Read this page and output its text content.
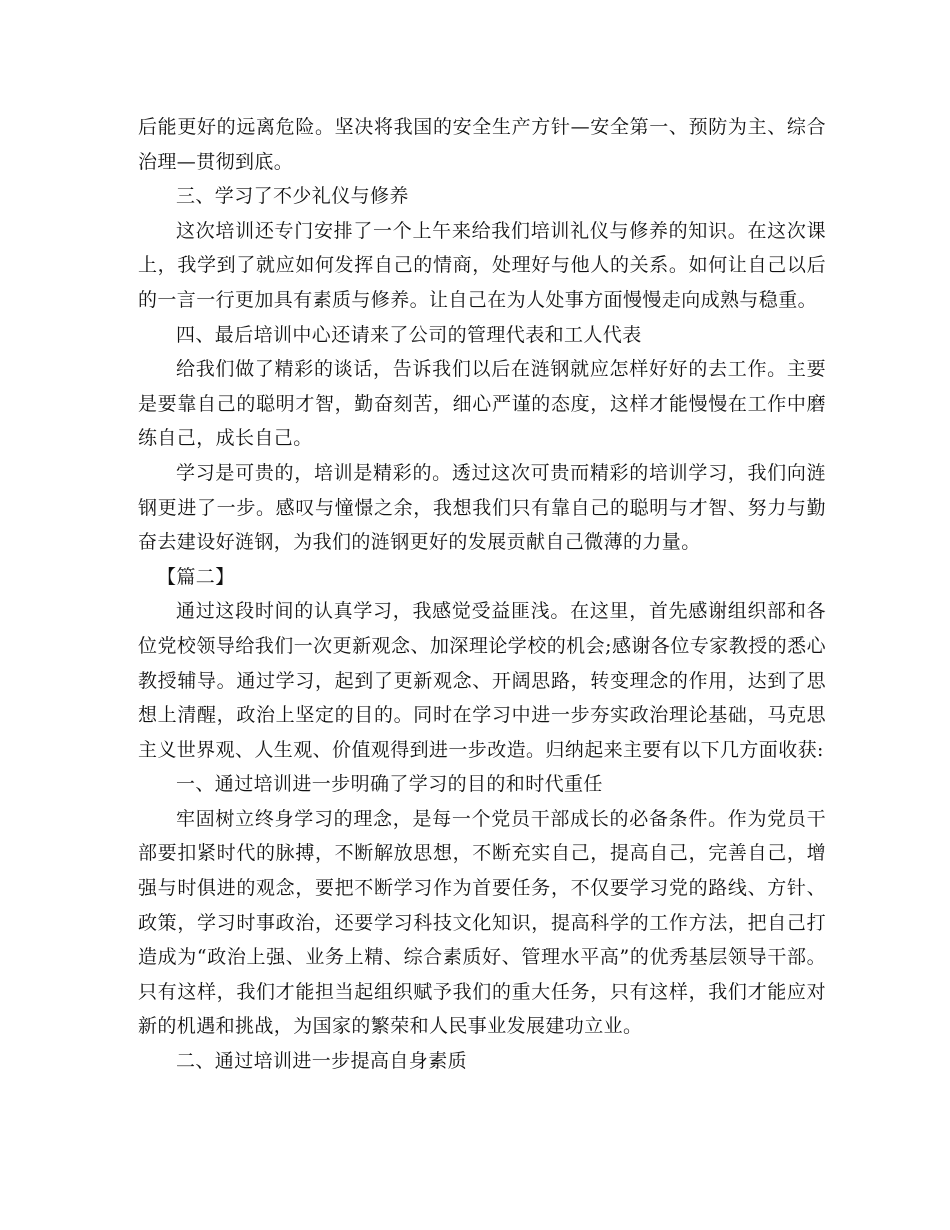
后能更好的远离危险。坚决将我国的安全生产方针—安全第一、预防为主、综合治理—贯彻到底。

三、学习了不少礼仪与修养

这次培训还专门安排了一个上午来给我们培训礼仪与修养的知识。在这次课上，我学到了就应如何发挥自己的情商，处理好与他人的关系。如何让自己以后的一言一行更加具有素质与修养。让自己在为人处事方面慢慢走向成熟与稳重。

四、最后培训中心还请来了公司的管理代表和工人代表

给我们做了精彩的谈话，告诉我们以后在涟钢就应怎样好好的去工作。主要是要靠自己的聪明才智，勤奋刻苦，细心严谨的态度，这样才能慢慢在工作中磨练自己，成长自己。

学习是可贵的，培训是精彩的。透过这次可贵而精彩的培训学习，我们向涟钢更进了一步。感叹与憧憬之余，我想我们只有靠自己的聪明与才智、努力与勤奋去建设好涟钢，为我们的涟钢更好的发展贡献自己微薄的力量。

【篇二】

通过这段时间的认真学习，我感觉受益匪浅。在这里，首先感谢组织部和各位党校领导给我们一次更新观念、加深理论学校的机会;感谢各位专家教授的悉心教授辅导。通过学习，起到了更新观念、开阔思路，转变理念的作用，达到了思想上清醒，政治上坚定的目的。同时在学习中进一步夯实政治理论基础，马克思主义世界观、人生观、价值观得到进一步改造。归纳起来主要有以下几方面收获:

一、通过培训进一步明确了学习的目的和时代重任

牢固树立终身学习的理念，是每一个党员干部成长的必备条件。作为党员干部要扣紧时代的脉搏，不断解放思想，不断充实自己，提高自己，完善自己，增强与时俱进的观念，要把不断学习作为首要任务，不仅要学习党的路线、方针、政策，学习时事政治，还要学习科技文化知识，提高科学的工作方法，把自己打造成为“政治上强、业务上精、综合素质好、管理水平高”的优秀基层领导干部。只有这样，我们才能担当起组织赋予我们的重大任务，只有这样，我们才能应对新的机遇和挑战，为国家的繁荣和人民事业发展建功立业。

二、通过培训进一步提高自身素质
